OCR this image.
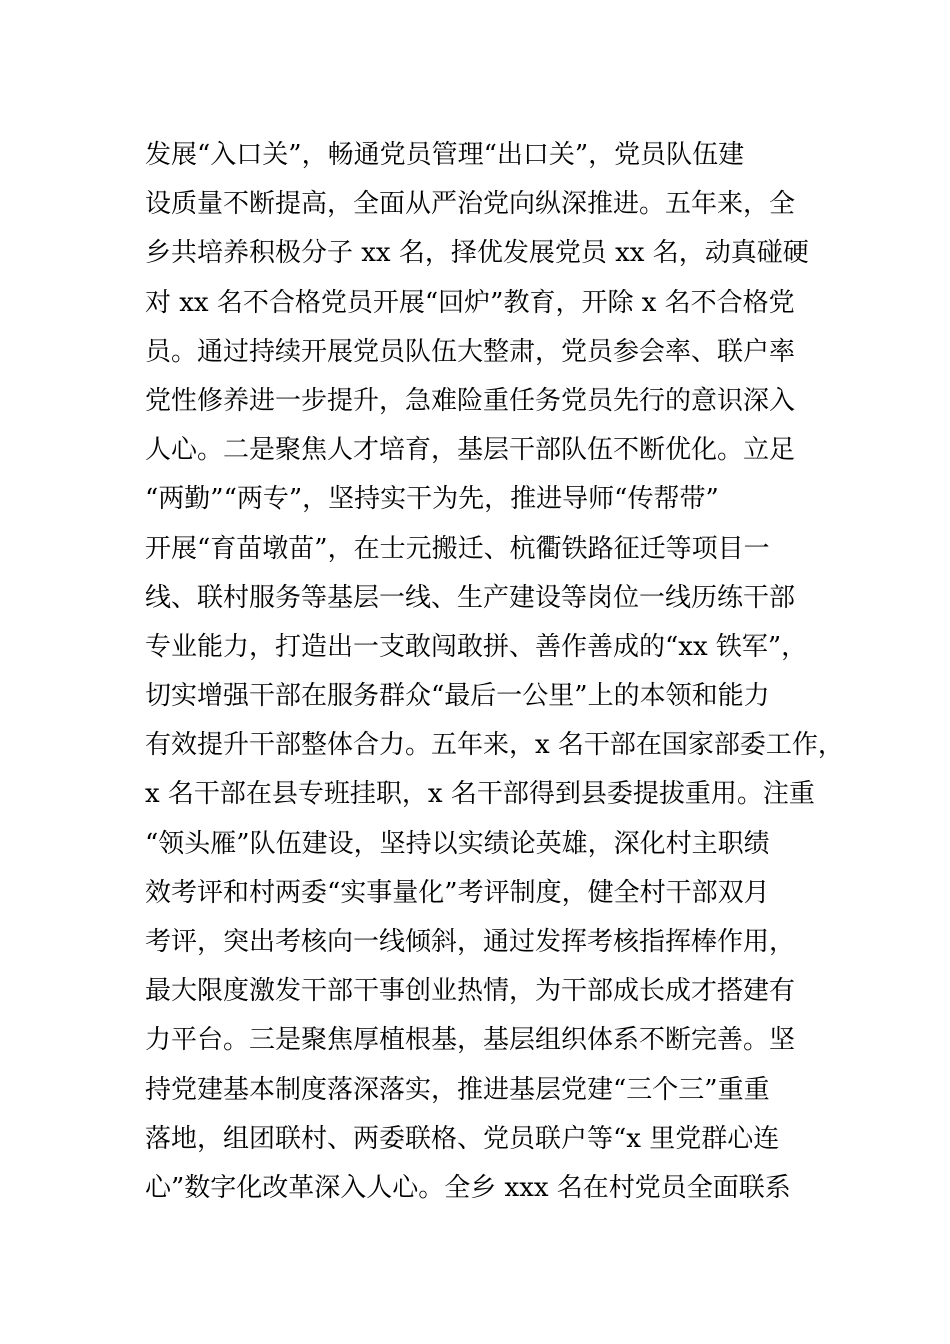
发展“入口关”，畅通党员管理“出口关”，党员队伍建
设质量不断提高，全面从严治党向纵深推进。五年来，全
乡共培养积极分子 xx 名，择优发展党员 xx 名，动真碰硬
对 xx 名不合格党员开展“回炉”教育，开除 x 名不合格党
员。通过持续开展党员队伍大整肃，党员参会率、联户率
党性修养进一步提升，急难险重任务党员先行的意识深入
人心。二是聚焦人才培育，基层干部队伍不断优化。立足
“两勤”“两专”，坚持实干为先，推进导师“传帮带”
开展“育苗墩苗”，在士元搬迁、杭衢铁路征迁等项目一
线、联村服务等基层一线、生产建设等岗位一线历练干部
专业能力，打造出一支敢闯敢拼、善作善成的“xx 铁军”，
切实增强干部在服务群众“最后一公里”上的本领和能力
有效提升干部整体合力。五年来，x 名干部在国家部委工作，
x 名干部在县专班挂职，x 名干部得到县委提拔重用。注重
“领头雁”队伍建设，坚持以实绩论英雄，深化村主职绩
效考评和村两委“实事量化”考评制度，健全村干部双月
考评，突出考核向一线倾斜，通过发挥考核指挥棒作用，
最大限度激发干部干事创业热情，为干部成长成才搭建有
力平台。三是聚焦厚植根基，基层组织体系不断完善。坚
持党建基本制度落深落实，推进基层党建“三个三”重重
落地，组团联村、两委联格、党员联户等“x 里党群心连
心”数字化改革深入人心。全乡 xxx 名在村党员全面联系
